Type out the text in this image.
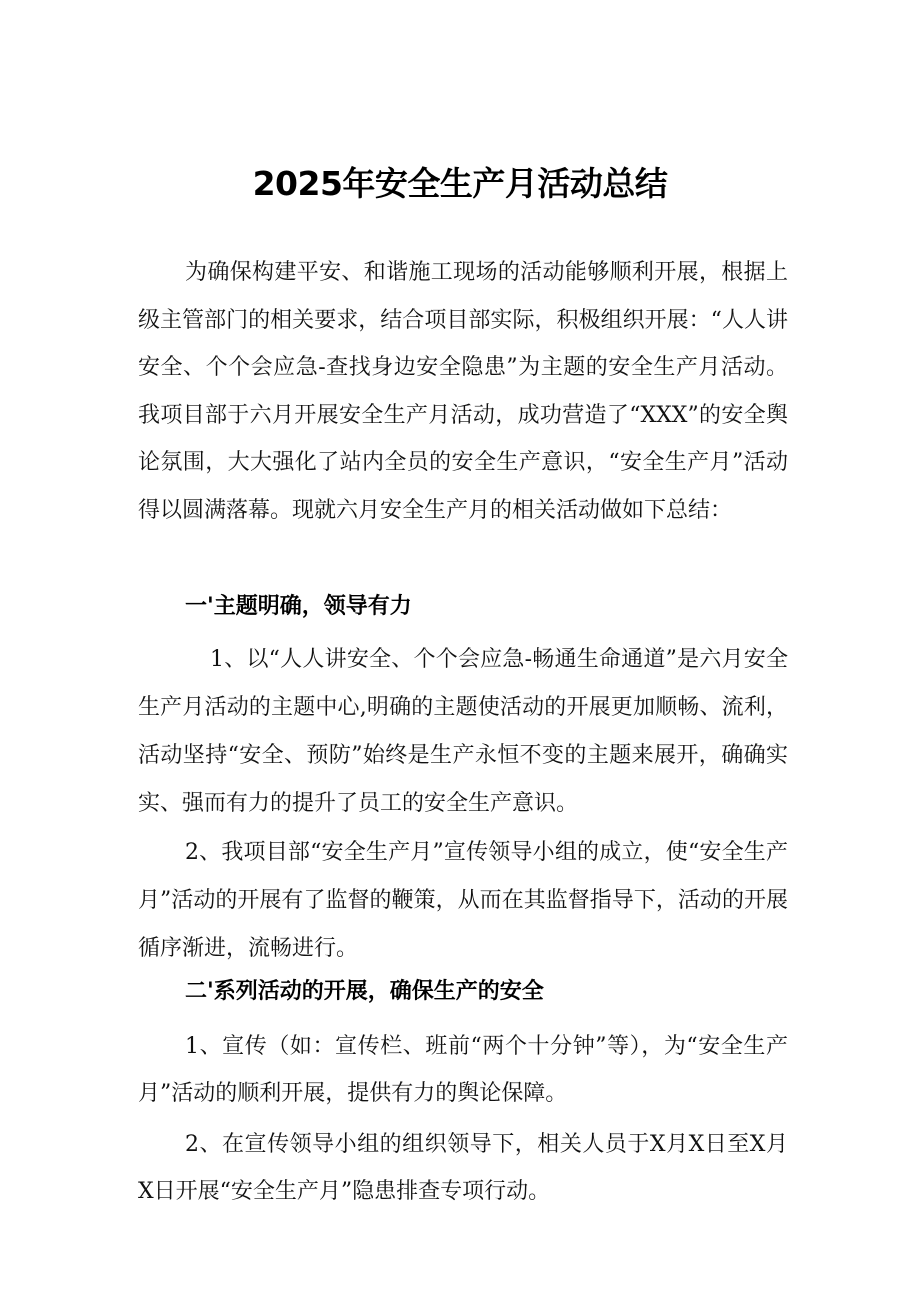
2025年安全生产月活动总结

为确保构建平安、和谐施工现场的活动能够顺利开展，根据上级主管部门的相关要求，结合项目部实际，积极组织开展：“人人讲安全、个个会应急-查找身边安全隐患”为主题的安全生产月活动。我项目部于六月开展安全生产月活动，成功营造了“XXX”的安全舆论氛围，大大强化了站内全员的安全生产意识，“安全生产月”活动得以圆满落幕。现就六月安全生产月的相关活动做如下总结：

一'主题明确，领导有力

1、以“人人讲安全、个个会应急-畅通生命通道”是六月安全生产月活动的主题中心,明确的主题使活动的开展更加顺畅、流利，活动坚持“安全、预防”始终是生产永恒不变的主题来展开，确确实实、强而有力的提升了员工的安全生产意识。

2、我项目部“安全生产月”宣传领导小组的成立，使“安全生产月”活动的开展有了监督的鞭策，从而在其监督指导下，活动的开展循序渐进，流畅进行。

二'系列活动的开展，确保生产的安全

1、宣传（如：宣传栏、班前“两个十分钟”等），为“安全生产月”活动的顺利开展，提供有力的舆论保障。

2、在宣传领导小组的组织领导下，相关人员于X月X日至X月X日开展“安全生产月”隐患排查专项行动。
